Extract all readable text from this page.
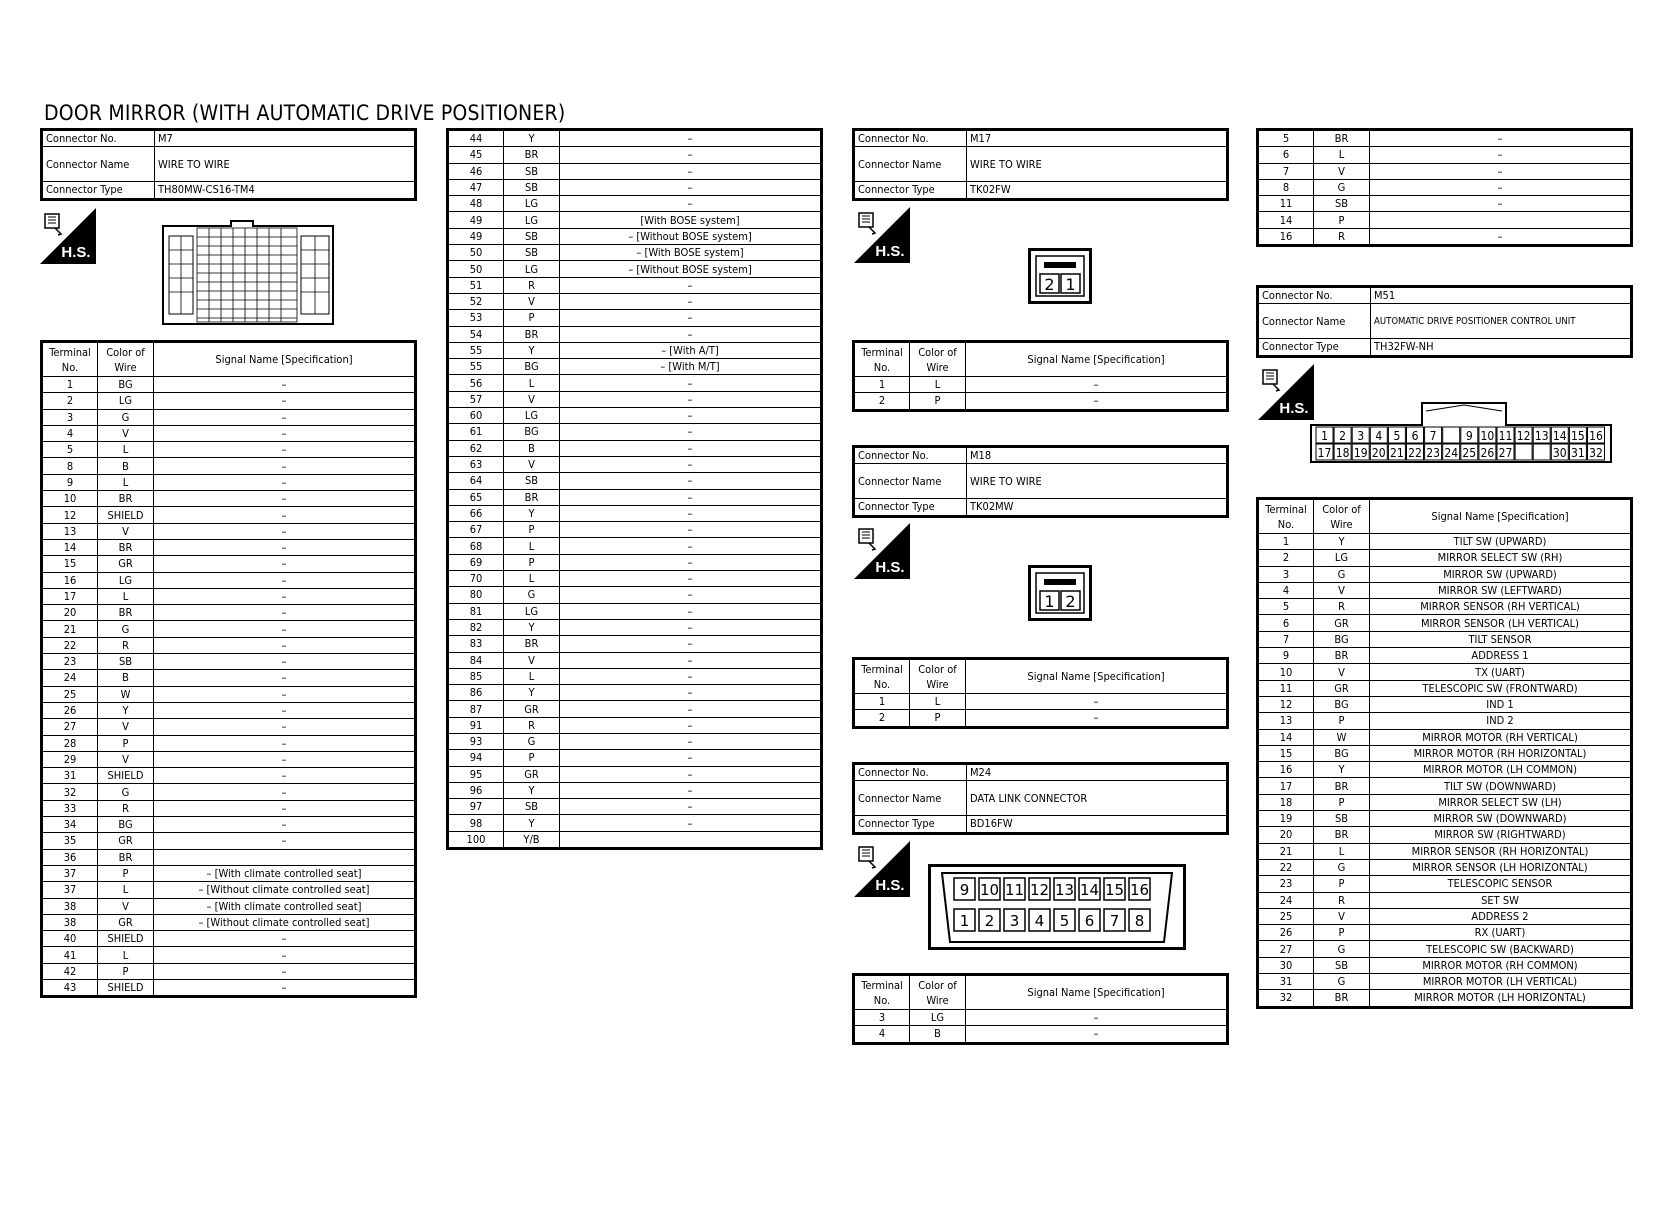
DOOR MIRROR (WITH AUTOMATIC DRIVE POSITIONER)
Connector No.	M7
Connector Name	WIRE TO WIRE
Connector Type	TH80MW-CS16-TM4
H.S.
Terminal No.	Color of Wire	Signal Name [Specification]
1	BG	–
2	LG	–
3	G	–
4	V	–
5	L	–
8	B	–
9	L	–
10	BR	–
12	SHIELD	–
13	V	–
14	BR	–
15	GR	–
16	LG	–
17	L	–
20	BR	–
21	G	–
22	R	–
23	SB	–
24	B	–
25	W	–
26	Y	–
27	V	–
28	P	–
29	V	–
31	SHIELD	–
32	G	–
33	R	–
34	BG	–
35	GR	–
36	BR	
37	P	– [With climate controlled seat]
37	L	– [Without climate controlled seat]
38	V	– [With climate controlled seat]
38	GR	– [Without climate controlled seat]
40	SHIELD	–
41	L	–
42	P	–
43	SHIELD	–
44	Y	–
45	BR	–
46	SB	–
47	SB	–
48	LG	–
49	LG	[With BOSE system]
49	SB	– [Without BOSE system]
50	SB	– [With BOSE system]
50	LG	– [Without BOSE system]
51	R	–
52	V	–
53	P	–
54	BR	–
55	Y	– [With A/T]
55	BG	– [With M/T]
56	L	–
57	V	–
60	LG	–
61	BG	–
62	B	–
63	V	–
64	SB	–
65	BR	–
66	Y	–
67	P	–
68	L	–
69	P	–
70	L	–
80	G	–
81	LG	–
82	Y	–
83	BR	–
84	V	–
85	L	–
86	Y	–
87	GR	–
91	R	–
93	G	–
94	P	–
95	GR	–
96	Y	–
97	SB	–
98	Y	–
100	Y/B	
Connector No.	M17
Connector Name	WIRE TO WIRE
Connector Type	TK02FW
H.S.
2 1
Terminal No.	Color of Wire	Signal Name [Specification]
1	L	–
2	P	–
Connector No.	M18
Connector Name	WIRE TO WIRE
Connector Type	TK02MW
H.S.
1 2
Terminal No.	Color of Wire	Signal Name [Specification]
1	L	–
2	P	–
Connector No.	M24
Connector Name	DATA LINK CONNECTOR
Connector Type	BD16FW
H.S.	9 10 11 12 13 14 15 16
1 2 3 4 5 6 7 8
Terminal No.	Color of Wire	Signal Name [Specification]
3	LG	–
4	B	–
5	BR	–
6	L	–
7	V	–
8	G	–
11	SB	–
14	P	
16	R	–
Connector No.	M51
Connector Name	AUTOMATIC DRIVE POSITIONER CONTROL UNIT
Connector Type	TH32FW-NH
H.S.
1 2 3 4 5 6 7 9 10 11 12 13 14 15 16
17 18 19 20 21 22 23 24 25 26 27	30 31 32
Terminal No.	Color of Wire	Signal Name [Specification]
1	Y	TILT SW (UPWARD)
2	LG	MIRROR SELECT SW (RH)
3	G	MIRROR SW (UPWARD)
4	V	MIRROR SW (LEFTWARD)
5	R	MIRROR SENSOR (RH VERTICAL)
6	GR	MIRROR SENSOR (LH VERTICAL)
7	BG	TILT SENSOR
9	BR	ADDRESS 1
10	V	TX (UART)
11	GR	TELESCOPIC SW (FRONTWARD)
12	BG	IND 1
13	P	IND 2
14	W	MIRROR MOTOR (RH VERTICAL)
15	BG	MIRROR MOTOR (RH HORIZONTAL)
16	Y	MIRROR MOTOR (LH COMMON)
17	BR	TILT SW (DOWNWARD)
18	P	MIRROR SELECT SW (LH)
19	SB	MIRROR SW (DOWNWARD)
20	BR	MIRROR SW (RIGHTWARD)
21	L	MIRROR SENSOR (RH HORIZONTAL)
22	G	MIRROR SENSOR (LH HORIZONTAL)
23	P	TELESCOPIC SENSOR
24	R	SET SW
25	V	ADDRESS 2
26	P	RX (UART)
27	G	TELESCOPIC SW (BACKWARD)
30	SB	MIRROR MOTOR (RH COMMON)
31	G	MIRROR MOTOR (LH VERTICAL)
32	BR	MIRROR MOTOR (LH HORIZONTAL)
